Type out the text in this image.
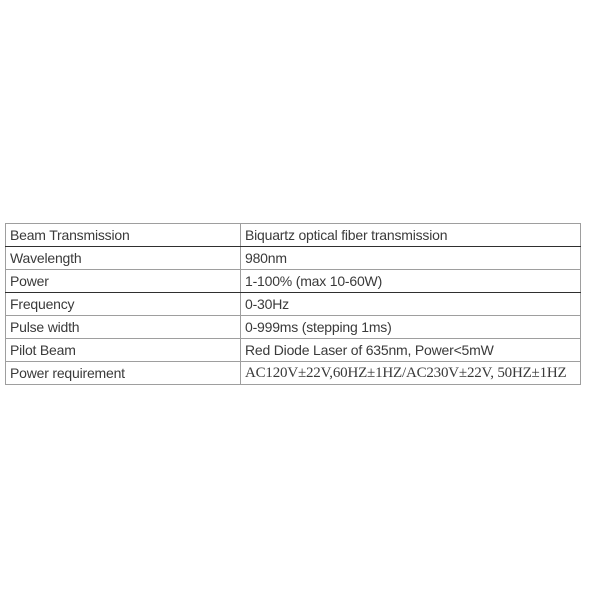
Beam Transmission	Biquartz optical fiber transmission
Wavelength	980nm
Power	1-100% (max 10-60W)
Frequency	0-30Hz
Pulse width	0-999ms (stepping 1ms)
Pilot Beam	Red Diode Laser of 635nm, Power<5mW
Power requirement	AC120V±22V,60HZ±1HZ/AC230V±22V, 50HZ±1HZ
